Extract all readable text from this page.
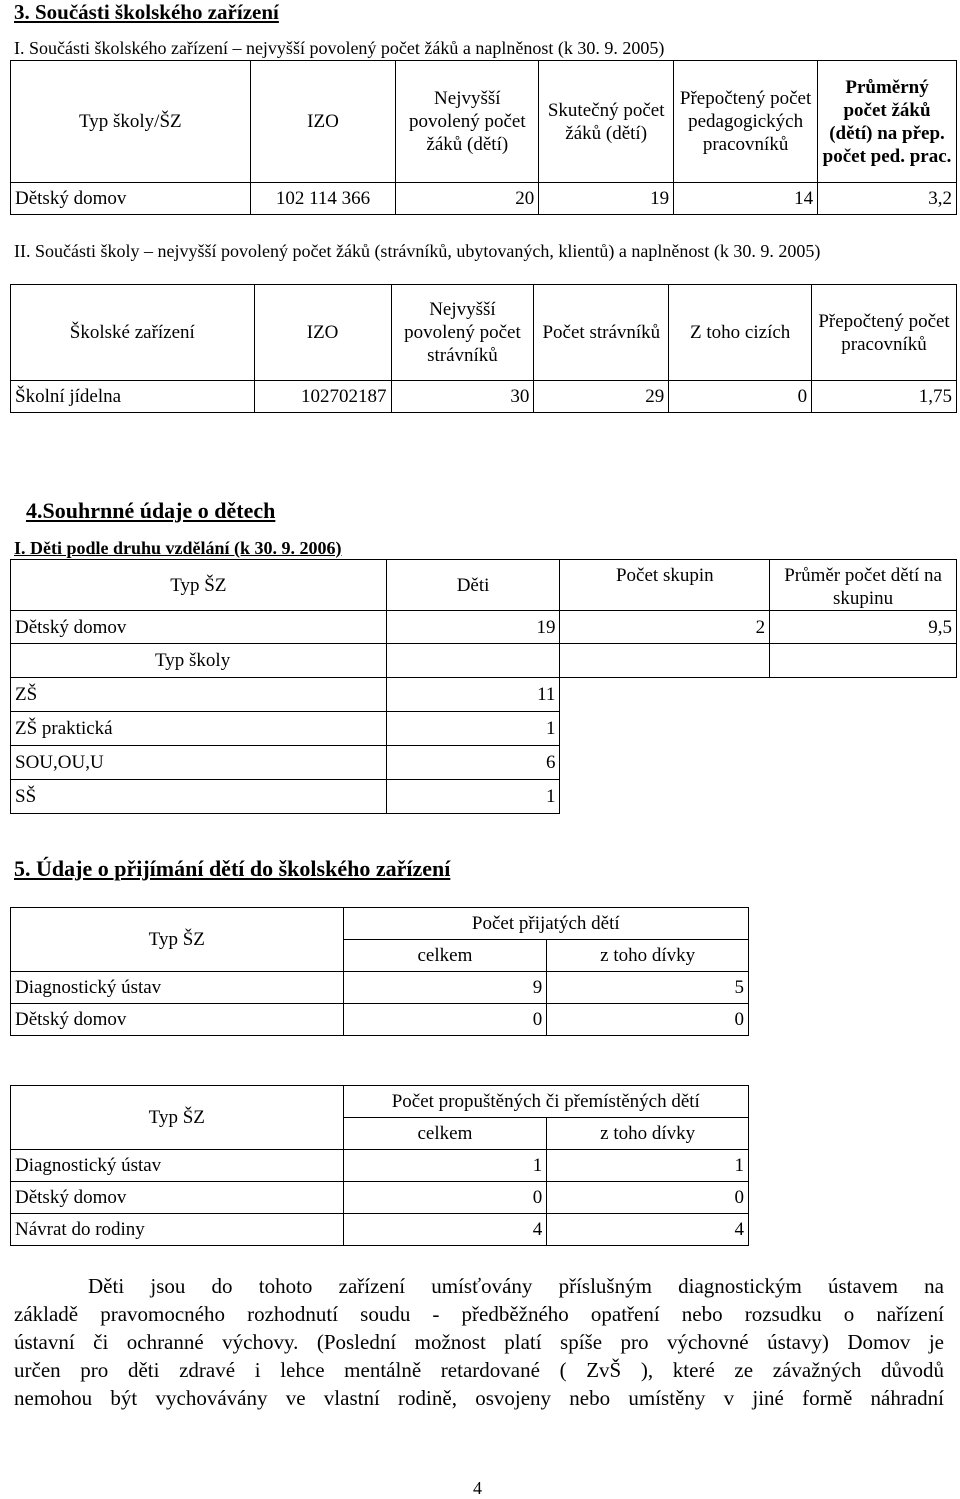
3. Součásti školského zařízení
I. Součásti školského zařízení – nejvyšší povolený počet žáků a naplněnost (k 30. 9. 2005)
Typ školy/ŠZ	IZO	Nejvyšší povolený počet žáků (dětí)	Skutečný počet žáků (dětí)	Přepočtený počet pedagogických pracovníků	Průměrný počet žáků (dětí) na přep. počet ped. prac.
Dětský domov	102 114 366	20	19	14	3,2
II. Součásti školy – nejvyšší povolený počet žáků (strávníků, ubytovaných, klientů) a naplněnost (k 30. 9. 2005)
Školské zařízení	IZO	Nejvyšší povolený počet strávníků	Počet strávníků	Z toho cizích	Přepočtený počet pracovníků
Školní jídelna	102702187	30	29	0	1,75
4.Souhrnné údaje o dětech
I. Děti podle druhu vzdělání (k 30. 9. 2006)
Typ ŠZ	Děti	Počet skupin	Průměr počet dětí na skupinu
Dětský domov	19	2	9,5
Typ školy			
ZŠ	11		
ZŠ praktická	1		
SOU,OU,U	6		
SŠ	1		
5. Údaje o přijímání dětí do školského zařízení
Typ ŠZ	Počet přijatých dětí	
	celkem	z toho dívky
Diagnostický ústav	9	5
Dětský domov	0	0
Typ ŠZ	Počet propuštěných či přemístěných dětí	
	celkem	z toho dívky
Diagnostický ústav	1	1
Dětský domov	0	0
Návrat do rodiny	4	4

Děti jsou do tohoto zařízení umísťovány příslušným diagnostickým ústavem na

základě pravomocného rozhodnutí soudu - předběžného opatření nebo rozsudku o nařízení

ústavní či ochranné výchovy. (Poslední možnost platí spíše pro výchovné ústavy) Domov je

určen pro děti zdravé i lehce mentálně retardované ( ZvŠ ), které ze závažných důvodů

nemohou být vychovávány ve vlastní rodině, osvojeny nebo umístěny v jiné formě náhradní

4
